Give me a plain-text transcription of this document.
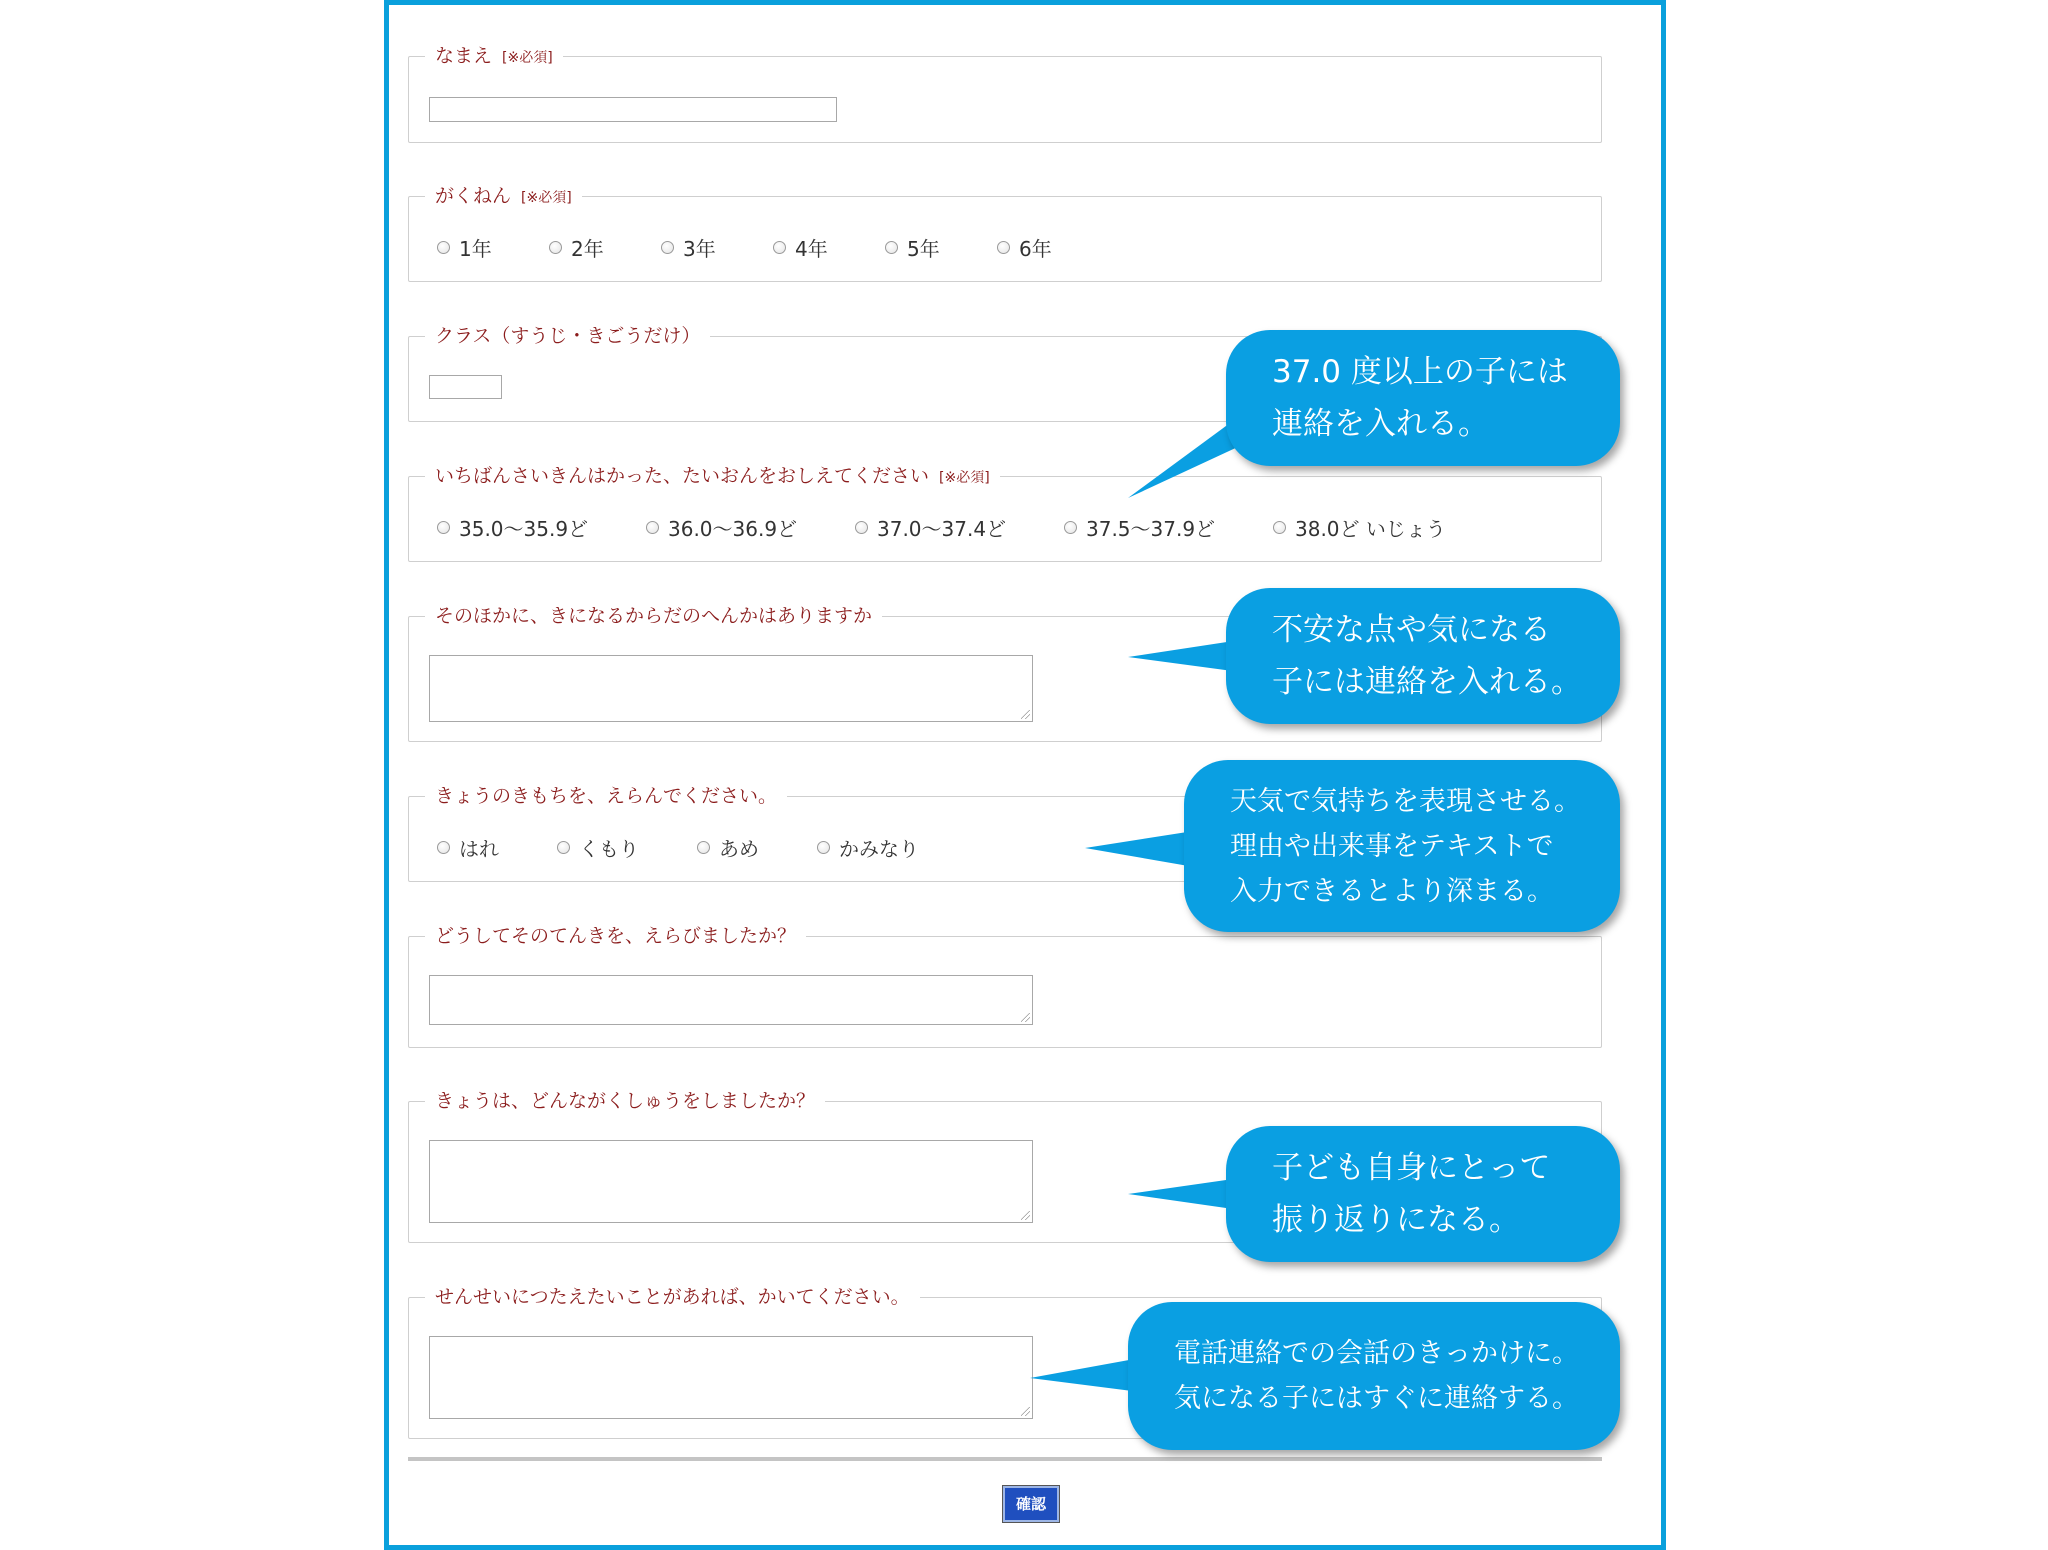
なまえ [※必須]
がくねん [※必須]
1年	2年	3年	4年	5年	6年
クラス（すうじ・きごうだけ）
いちばんさいきんはかった、たいおんをおしえてください [※必須]
35.0～35.9ど	36.0～36.9ど	37.0～37.4ど	37.5～37.9ど	38.0ど いじょう
そのほかに、きになるからだのへんかはありますか
きょうのきもちを、えらんでください。
はれ	くもり	あめ	かみなり
どうしてそのてんきを、えらびましたか？
きょうは、どんながくしゅうをしましたか？
せんせいにつたえたいことがあれば、かいてください。
確認
37.0 度以上の子には
連絡を入れる。
不安な点や気になる
子には連絡を入れる。
天気で気持ちを表現させる。
理由や出来事をテキストで
入力できるとより深まる。
子ども自身にとって
振り返りになる。
電話連絡での会話のきっかけに。
気になる子にはすぐに連絡する。
